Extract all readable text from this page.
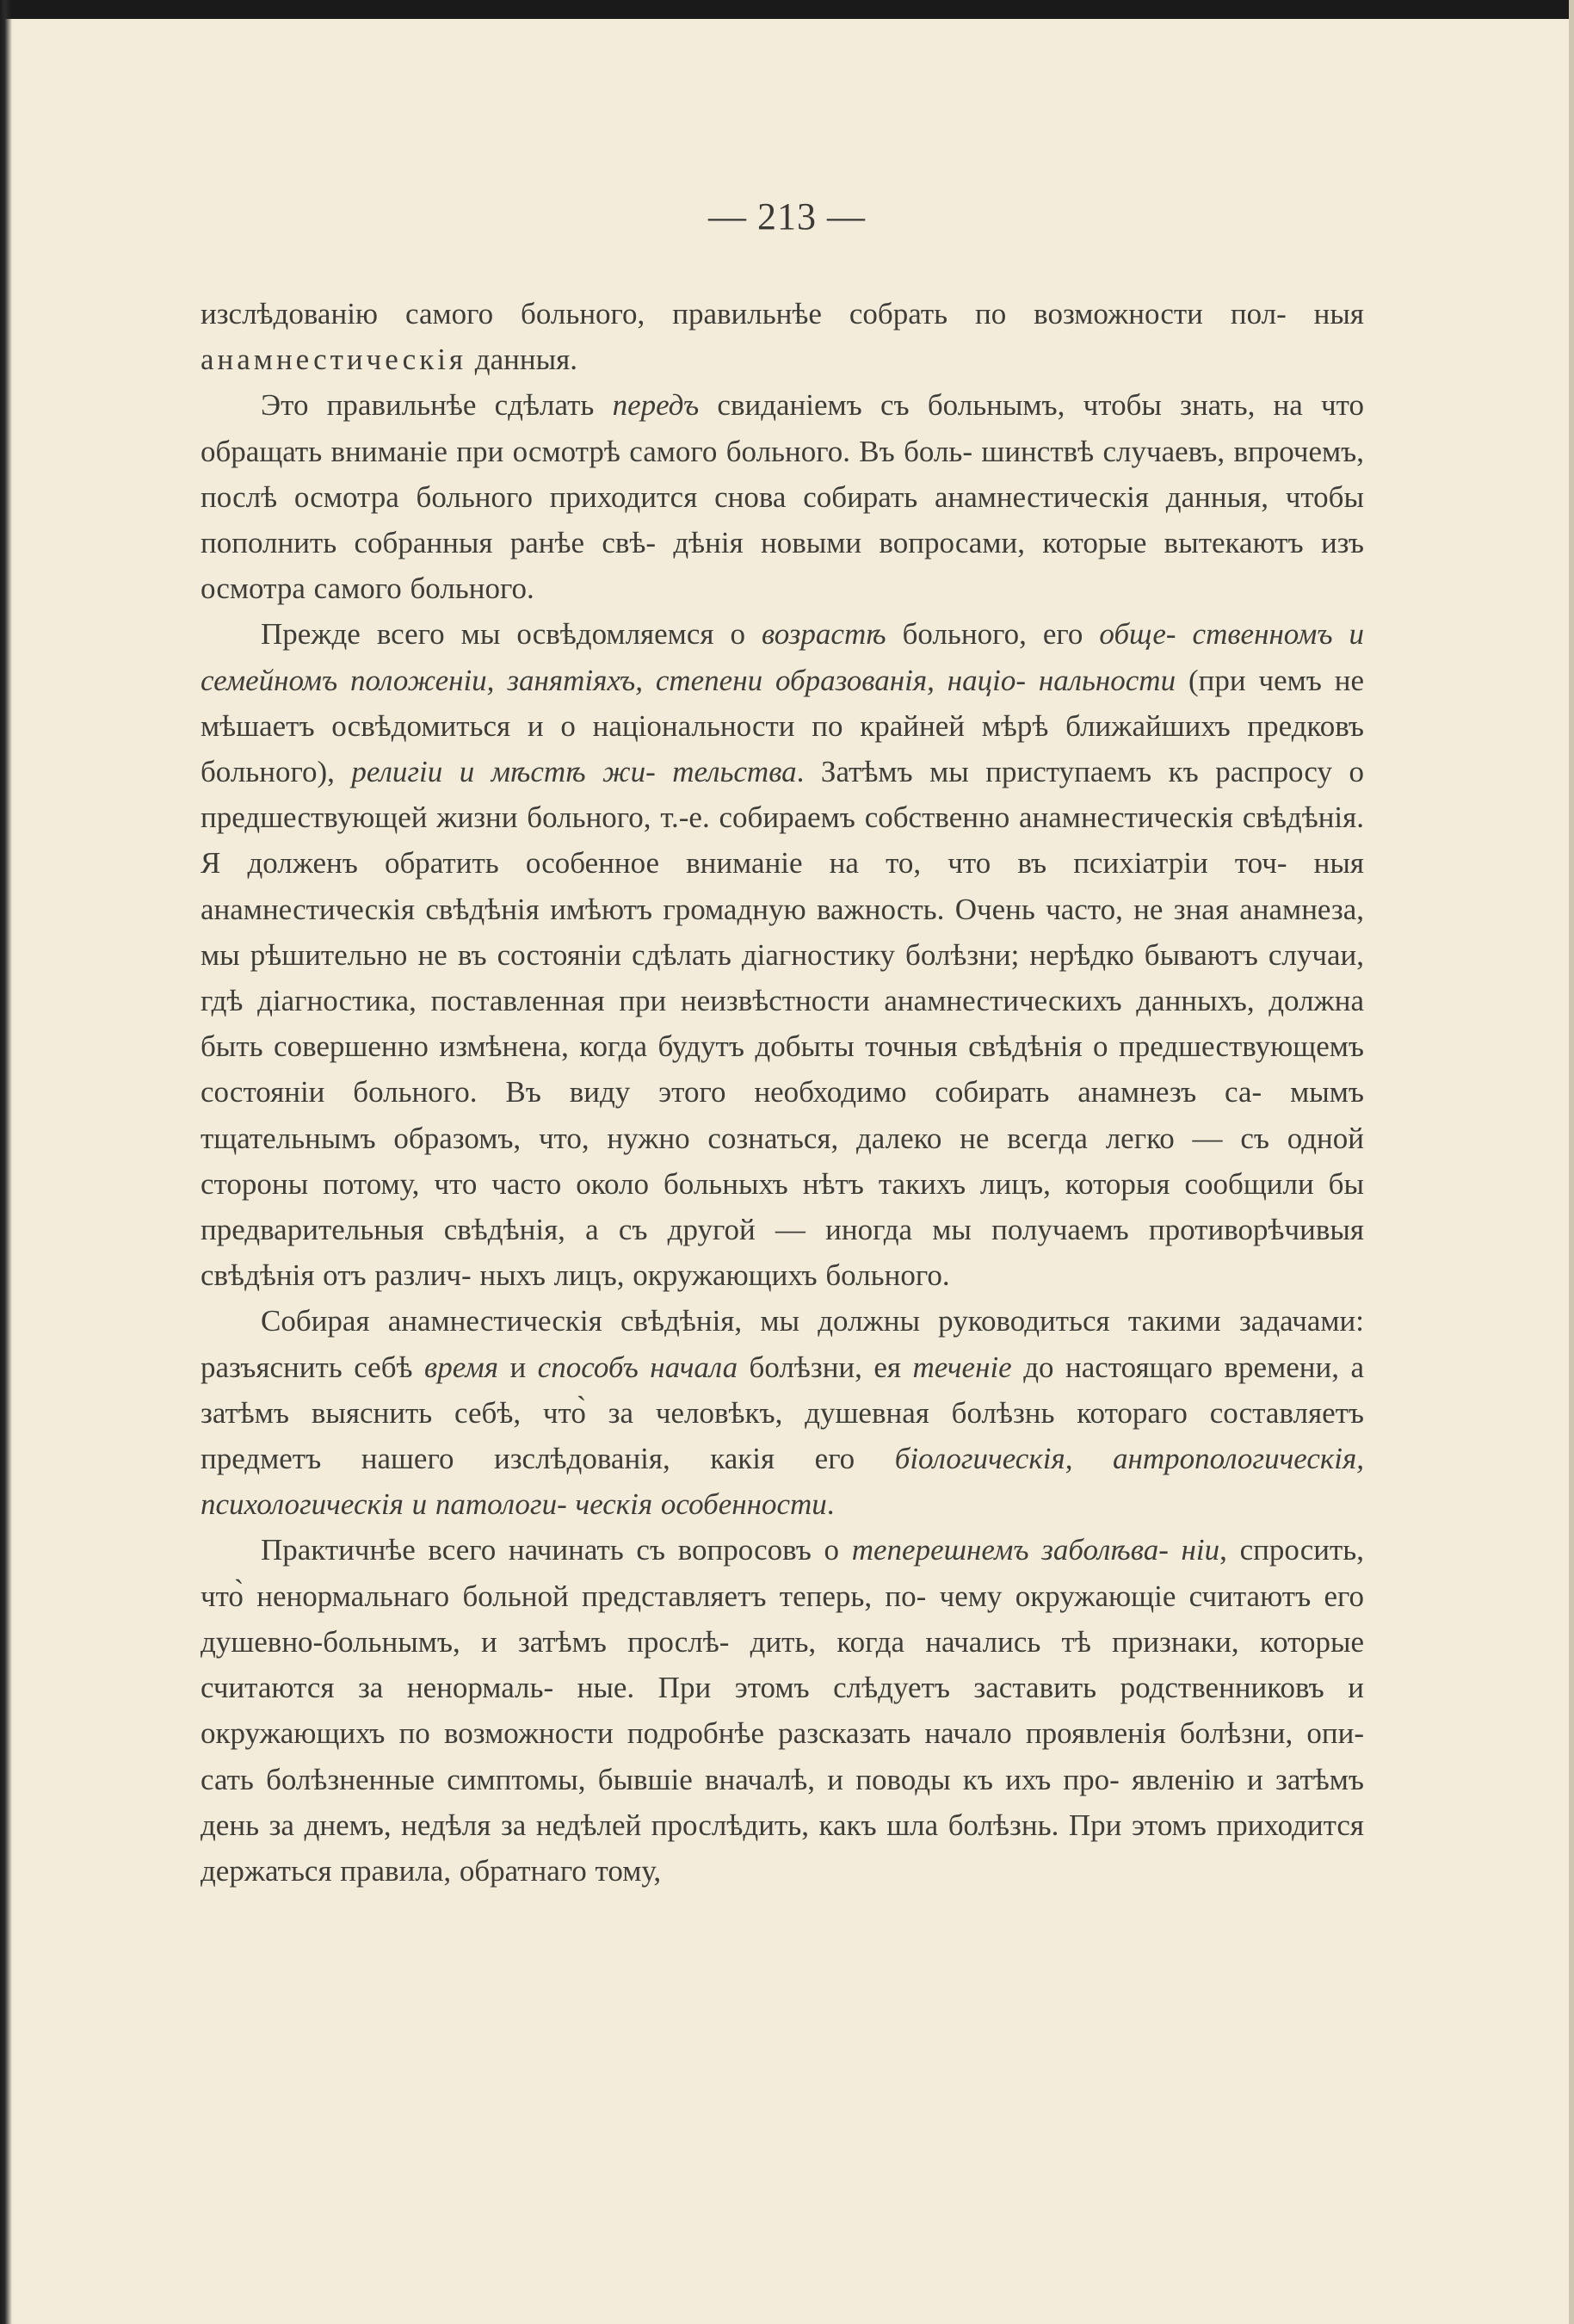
— 213 —

изслѣдованію самого больного, правильнѣе собрать по возможности пол- ныя анамнестическія данныя.

Это правильнѣе сдѣлать передъ свиданіемъ съ больнымъ, чтобы знать, на что обращать вниманіе при осмотрѣ самого больного. Въ боль- шинствѣ случаевъ, впрочемъ, послѣ осмотра больного приходится снова собирать анамнестическія данныя, чтобы пополнить собранныя ранѣе свѣ- дѣнія новыми вопросами, которые вытекаютъ изъ осмотра самого больного.

Прежде всего мы освѣдомляемся о возрастѣ больного, его обще- ственномъ и семейномъ положеніи, занятіяхъ, степени образованія, націо- нальности (при чемъ не мѣшаетъ освѣдомиться и о національности по крайней мѣрѣ ближайшихъ предковъ больного), религіи и мѣстѣ жи- тельства. Затѣмъ мы приступаемъ къ распросу о предшествующей жизни больного, т.-е. собираемъ собственно анамнестическія свѣдѣнія. Я долженъ обратить особенное вниманіе на то, что въ психіатріи точ- ныя анамнестическія свѣдѣнія имѣютъ громадную важность. Очень часто, не зная анамнеза, мы рѣшительно не въ состояніи сдѣлать діагностику болѣзни; нерѣдко бываютъ случаи, гдѣ діагностика, поставленная при неизвѣстности анамнестическихъ данныхъ, должна быть совершенно измѣнена, когда будутъ добыты точныя свѣдѣнія о предшествующемъ состояніи больного. Въ виду этого необходимо собирать анамнезъ са- мымъ тщательнымъ образомъ, что, нужно сознаться, далеко не всегда легко — съ одной стороны потому, что часто около больныхъ нѣтъ такихъ лицъ, которыя сообщили бы предварительныя свѣдѣнія, а съ другой — иногда мы получаемъ противорѣчивыя свѣдѣнія отъ различ- ныхъ лицъ, окружающихъ больного.

Собирая анамнестическія свѣдѣнія, мы должны руководиться такими задачами: разъяснить себѣ время и способъ начала болѣзни, ея теченіе до настоящаго времени, а затѣмъ выяснить себѣ, что̀ за человѣкъ, душевная болѣзнь котораго составляетъ предметъ нашего изслѣдованія, какія его біологическія, антропологическія, психологическія и патологи- ческія особенности.

Практичнѣе всего начинать съ вопросовъ о теперешнемъ заболѣва- ніи, спросить, что̀ ненормальнаго больной представляетъ теперь, по- чему окружающіе считаютъ его душевно-больнымъ, и затѣмъ прослѣ- дить, когда начались тѣ признаки, которые считаются за ненормаль- ные. При этомъ слѣдуетъ заставить родственниковъ и окружающихъ по возможности подробнѣе разсказать начало проявленія болѣзни, опи- сать болѣзненные симптомы, бывшіе вначалѣ, и поводы къ ихъ про- явленію и затѣмъ день за днемъ, недѣля за недѣлей прослѣдить, какъ шла болѣзнь. При этомъ приходится держаться правила, обратнаго тому,
